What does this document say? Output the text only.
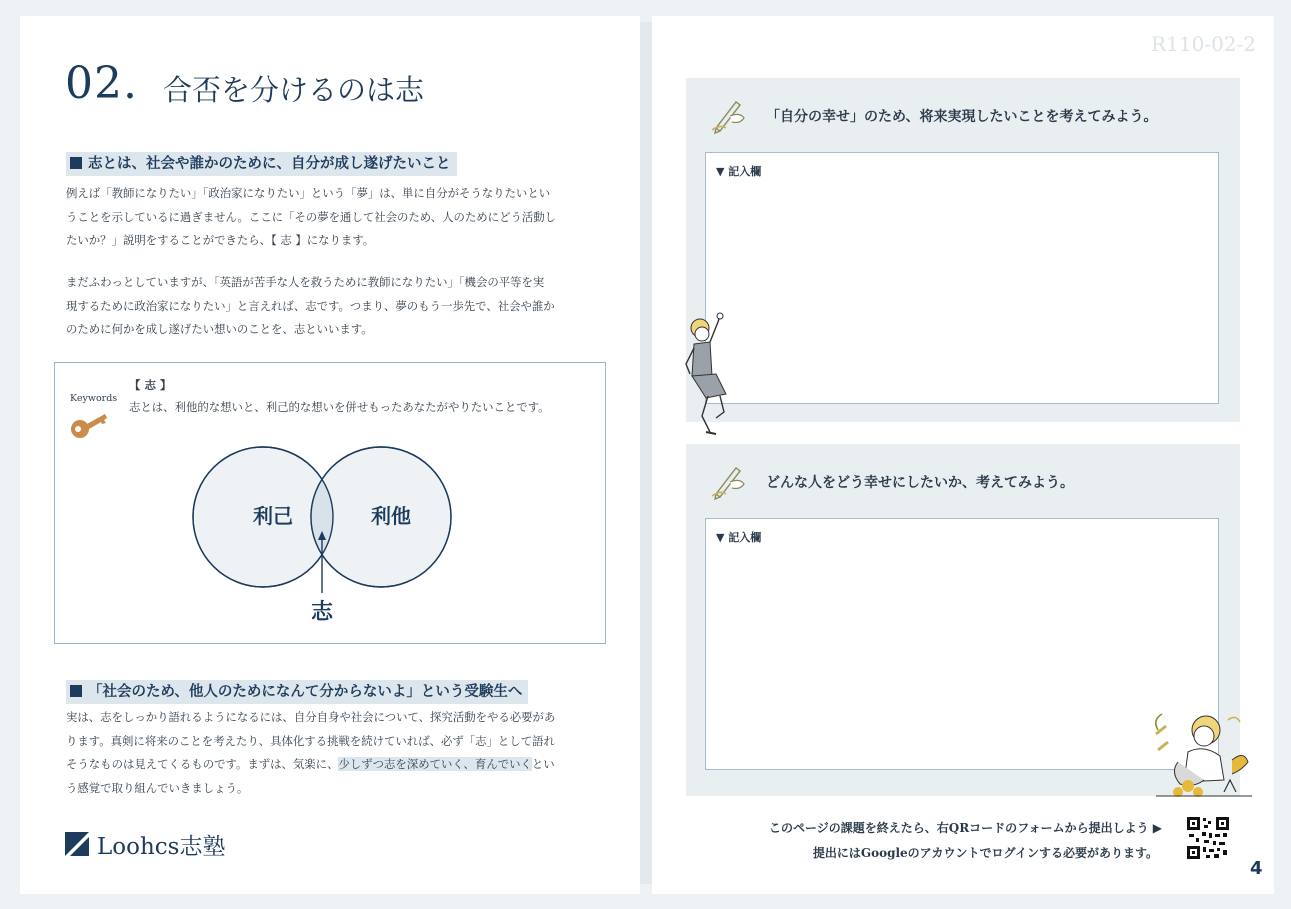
02. 合否を分けるのは志
志とは、社会や誰かのために、自分が成し遂げたいこと

例えば「教師になりたい」「政治家になりたい」という「夢」は、単に自分がそうなりたいとい

うことを示しているに過ぎません。ここに「その夢を通して社会のため、人のためにどう活動し

たいか？」説明をすることができたら、【 志 】になります。

まだふわっとしていますが、「英語が苦手な人を救うために教師になりたい」「機会の平等を実

現するために政治家になりたい」と言えれば、志です。つまり、夢のもう一歩先で、社会や誰か

のために何かを成し遂げたい想いのことを、志といいます。

Keywords
【 志 】
志とは、利他的な想いと、利己的な想いを併せもったあなたがやりたいことです。
利己	利他
志
「社会のため、他人のためになんて分からないよ」という受験生へ

実は、志をしっかり語れるようになるには、自分自身や社会について、探究活動をやる必要があ

ります。真剣に将来のことを考えたり、具体化する挑戦を続けていれば、必ず「志」として語れ

そうなものは見えてくるものです。まずは、気楽に、少しずつ志を深めていく、育んでいくとい

う感覚で取り組んでいきましょう。

Loohcs志塾
R110-02-2
「自分の幸せ」のため、将来実現したいことを考えてみよう。
▼ 記入欄
どんな人をどう幸せにしたいか、考えてみよう。
▼ 記入欄
このページの課題を終えたら、右QRコードのフォームから提出しよう ▶
提出にはGoogleのアカウントでログインする必要があります。
4
